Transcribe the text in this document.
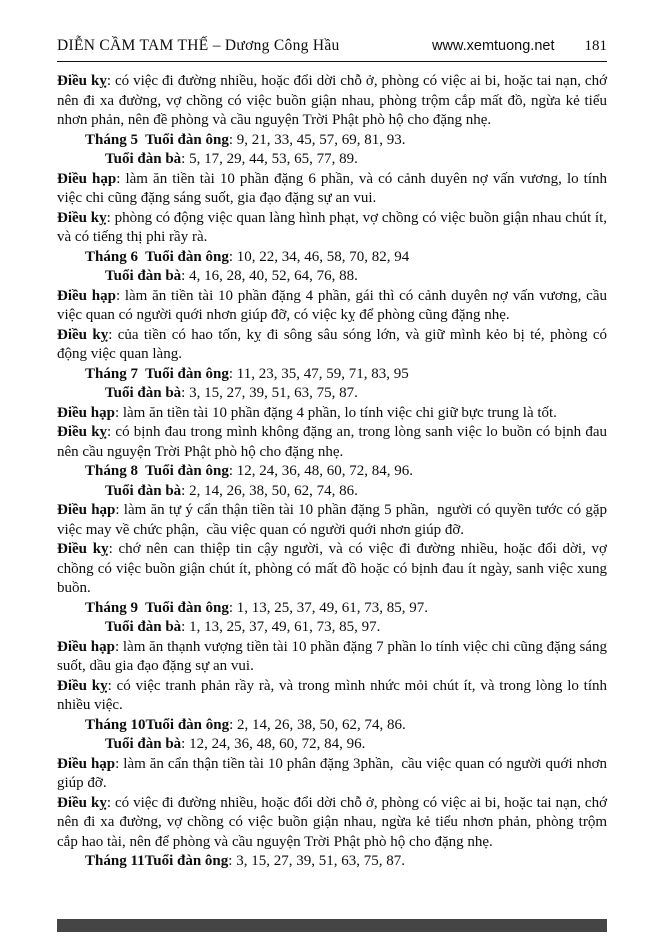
DIỄN CẦM TAM THẾ – Dương Công Hầu	www.xemtuong.net 181

Điều kỵ: có việc đi đường nhiều, hoặc đổi dời chỗ ở, phòng có việc ai bi, hoặc tai nạn, chớ nên đi xa đường, vợ chồng có việc buồn giận nhau, phòng trộm cắp mất đồ, ngừa kẻ tiểu nhơn phản, nên đề phòng và cầu nguyện Trời Phật phò hộ cho đặng nhẹ.

Tháng 5  Tuổi đàn ông: 9, 21, 33, 45, 57, 69, 81, 93.

Tuổi đàn bà: 5, 17, 29, 44, 53, 65, 77, 89.

Điều hạp: làm ăn tiền tài 10 phần đặng 6 phần, và có cảnh duyên nợ vấn vương, lo tính việc chi cũng đặng sáng suốt, gia đạo đặng sự an vui.

Điều kỵ: phòng có động việc quan làng hình phạt, vợ chồng có việc buồn giận nhau chút ít, và có tiếng thị phi rầy rà.

Tháng 6  Tuổi đàn ông: 10, 22, 34, 46, 58, 70, 82, 94

Tuổi đàn bà: 4, 16, 28, 40, 52, 64, 76, 88.

Điều hạp: làm ăn tiền tài 10 phần đặng 4 phần, gái thì có cảnh duyên nợ vấn vương, cầu việc quan có người quới nhơn giúp đỡ, có việc kỵ để phòng cũng đặng nhẹ.

Điều kỵ: của tiền có hao tốn, kỵ đi sông sâu sóng lớn, và giữ mình kẻo bị té, phòng có động việc quan làng.

Tháng 7  Tuổi đàn ông: 11, 23, 35, 47, 59, 71, 83, 95

Tuổi đàn bà: 3, 15, 27, 39, 51, 63, 75, 87.

Điều hạp: làm ăn tiền tài 10 phần đặng 4 phần, lo tính việc chi giữ bực trung là tốt.

Điều kỵ: có bịnh đau trong mình không đặng an, trong lòng sanh việc lo buồn có bịnh đau nên cầu nguyện Trời Phật phò hộ cho đặng nhẹ.

Tháng 8  Tuổi đàn ông: 12, 24, 36, 48, 60, 72, 84, 96.

Tuổi đàn bà: 2, 14, 26, 38, 50, 62, 74, 86.

Điều hạp: làm ăn tự ý cẩn thận tiền tài 10 phần đặng 5 phần,  người có quyền tước có gặp việc may về chức phận,  cầu việc quan có người quới nhơn giúp đỡ.

Điều kỵ: chớ nên can thiệp tin cậy người, và có việc đi đường nhiều, hoặc đổi dời, vợ chồng có việc buồn giận chút ít, phòng có mất đồ hoặc có bịnh đau ít ngày, sanh việc xung buồn.

Tháng 9  Tuổi đàn ông: 1, 13, 25, 37, 49, 61, 73, 85, 97.

Tuổi đàn bà: 1, 13, 25, 37, 49, 61, 73, 85, 97.

Điều hạp: làm ăn thạnh vượng tiền tài 10 phần đặng 7 phần lo tính việc chi cũng đặng sáng suốt, dầu gia đạo đặng sự an vui.

Điều kỵ: có việc tranh phản rầy rà, và trong mình nhức mỏi chút ít, và trong lòng lo tính nhiều việc.

Tháng 10Tuổi đàn ông: 2, 14, 26, 38, 50, 62, 74, 86.

Tuổi đàn bà: 12, 24, 36, 48, 60, 72, 84, 96.

Điều hạp: làm ăn cẩn thận tiền tài 10 phân đặng 3phần,  cầu việc quan có người quới nhơn giúp đỡ.

Điều kỵ: có việc đi đường nhiều, hoặc đổi dời chỗ ở, phòng có việc ai bi, hoặc tai nạn, chớ nên đi xa đường, vợ chồng có việc buồn giận nhau, ngừa kẻ tiểu nhơn phản, phòng trộm cắp hao tài, nên để phòng và cầu nguyện Trời Phật phò hộ cho đặng nhẹ.

Tháng 11Tuổi đàn ông: 3, 15, 27, 39, 51, 63, 75, 87.
